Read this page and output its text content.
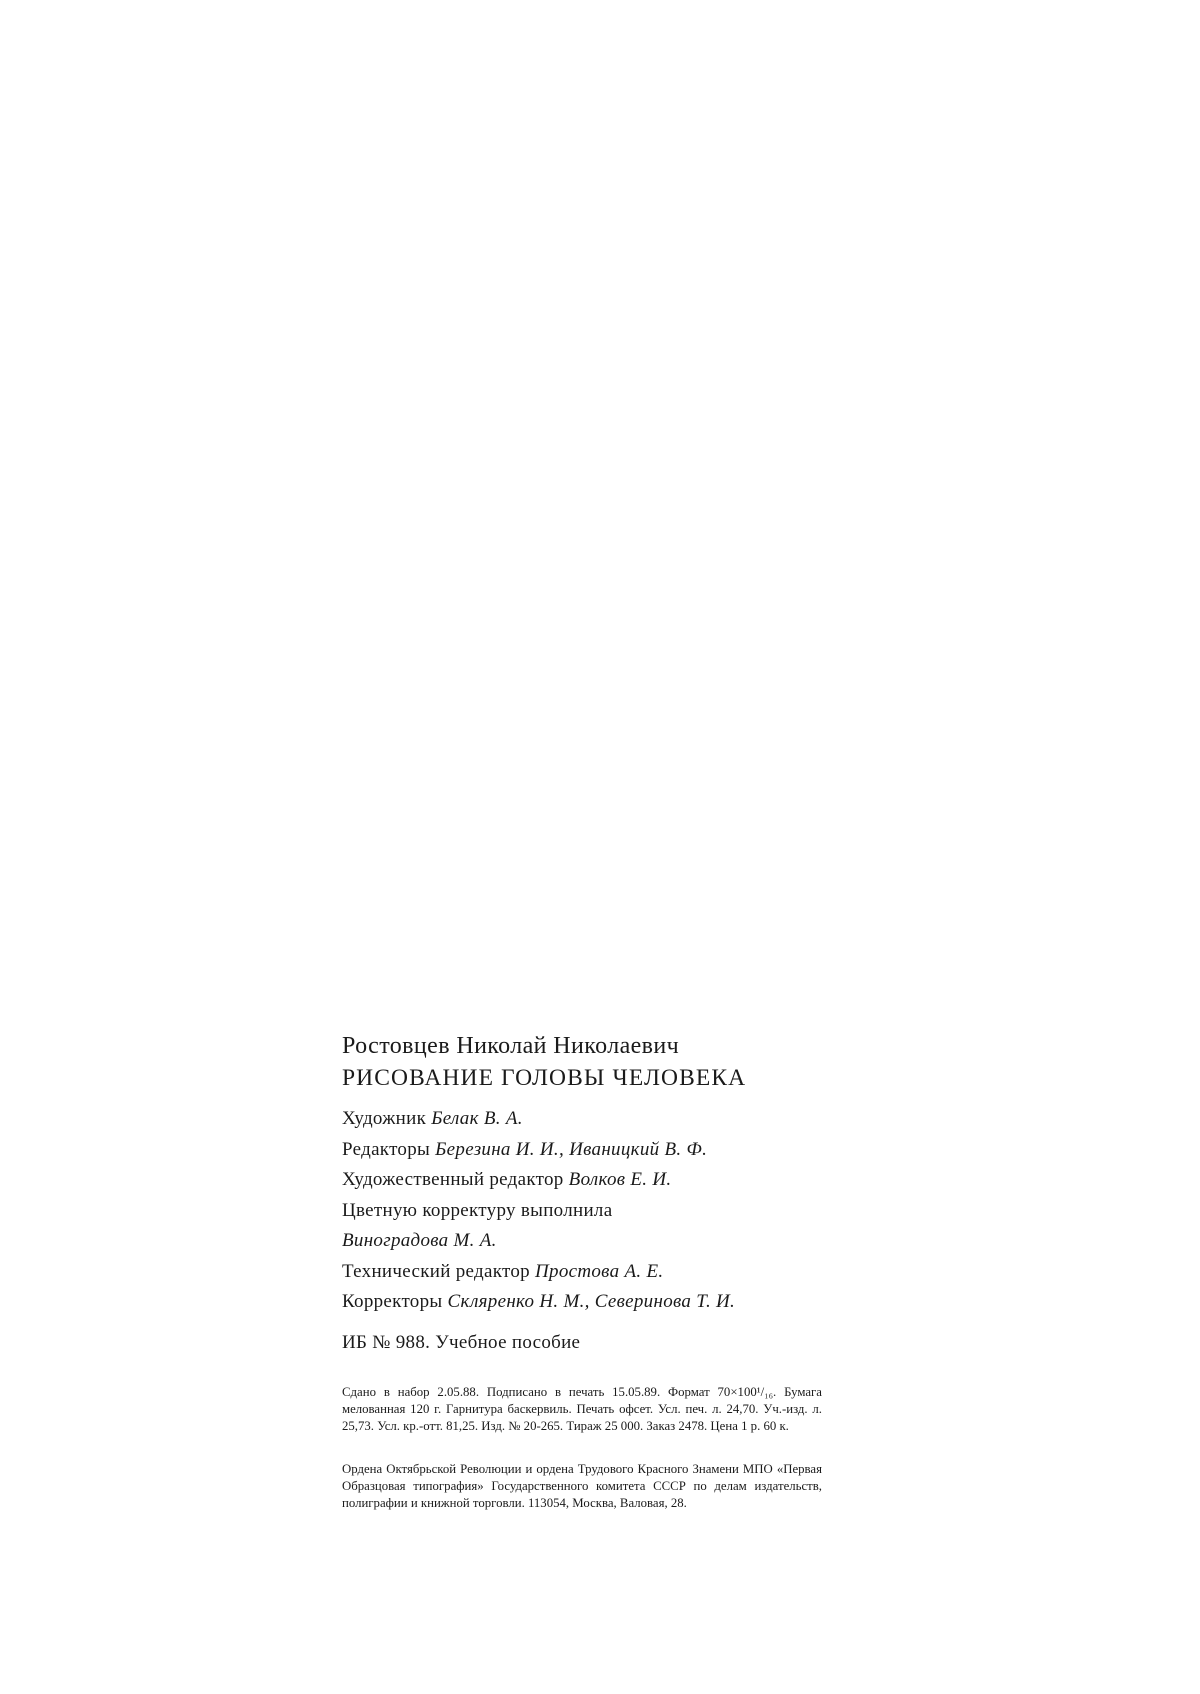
Ростовцев Николай Николаевич
РИСОВАНИЕ ГОЛОВЫ ЧЕЛОВЕКА
Художник Белак В. А.
Редакторы Березина И. И., Иваницкий В. Ф.
Художественный редактор Волков Е. И.
Цветную корректуру выполнила
Виноградова М. А.
Технический редактор Простова А. Е.
Корректоры Скляренко Н. М., Северинова Т. И.
ИБ № 988. Учебное пособие
Сдано в набор 2.05.88. Подписано в печать 15.05.89. Формат 70×100¹/₁₆. Бумага мелованная 120 г. Гарнитура баскервиль. Печать офсет. Усл. печ. л. 24,70. Уч.-изд. л. 25,73. Усл. кр.-отт. 81,25. Изд. № 20-265. Тираж 25 000. Заказ 2478. Цена 1 р. 60 к.
Ордена Октябрьской Революции и ордена Трудового Красного Знамени МПО «Первая Образцовая типография» Государственного комитета СССР по делам издательств, полиграфии и книжной торговли. 113054, Москва, Валовая, 28.
